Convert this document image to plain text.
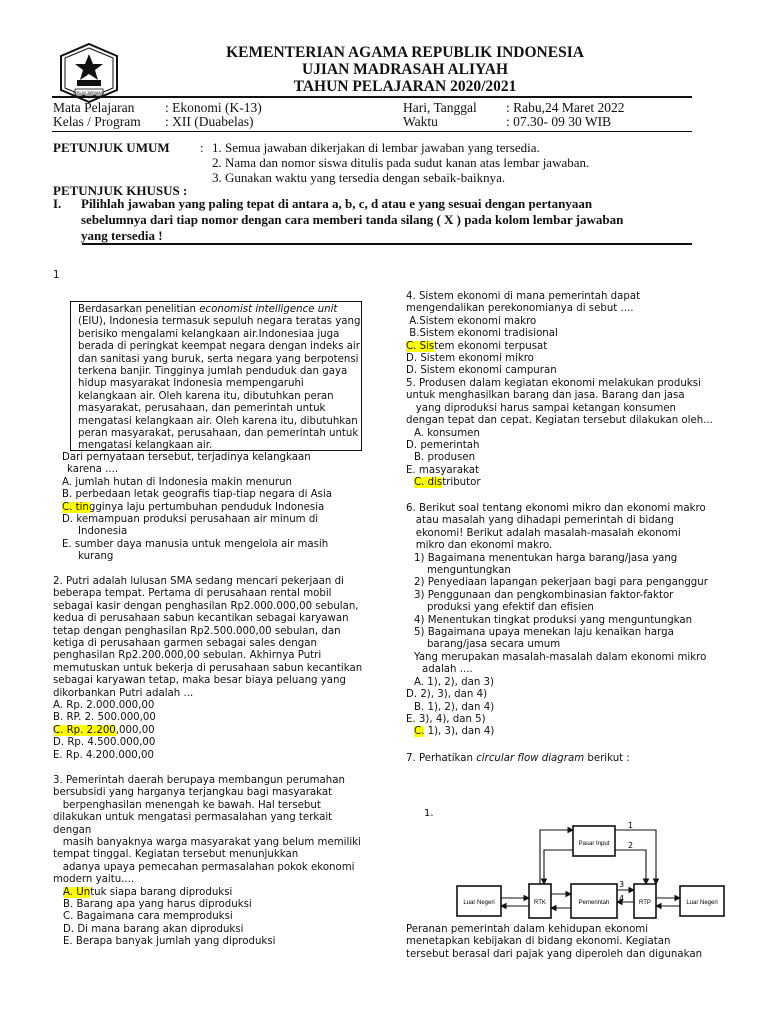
IKHLAS BERAMAL
KEMENTERIAN AGAMA REPUBLIK INDONESIA
UJIAN MADRASAH ALIYAH
TAHUN PELAJARAN 2020/2021
Mata Pelajaran : Ekonomi (K-13)
Kelas / Program : XII (Duabelas)
Hari, Tanggal : Rabu,24 Maret 2022
Waktu	: 07.30- 09 30 WIB
PETUNJUK UMUM : 1. Semua jawaban dikerjakan di lembar jawaban yang tersedia.
2. Nama dan nomor siswa ditulis pada sudut kanan atas lembar jawaban.
3. Gunakan waktu yang tersedia dengan sebaik-baiknya.
PETUNJUK KHUSUS :
I. Pilihlah jawaban yang paling tepat di antara a, b, c, d atau e yang sesuai dengan pertanyaan
sebelumnya dari tiap nomor dengan cara memberi tanda silang ( X ) pada kolom lembar jawaban
yang tersedia !
1
Berdasarkan penelitian economist intelligence unit
(EIU), Indonesia termasuk sepuluh negara teratas yang
berisiko mengalami kelangkaan air.Indonesiaa juga
berada di peringkat keempat negara dengan indeks air
dan sanitasi yang buruk, serta negara yang berpotensi
terkena banjir. Tingginya jumlah penduduk dan gaya
hidup masyarakat Indonesia mempengaruhi
kelangkaan air. Oleh karena itu, dibutuhkan peran
masyarakat, perusahaan, dan pemerintah untuk
mengatasi kelangkaan air. Oleh karena itu, dibutuhkan
peran masyarakat, perusahaan, dan pemerintah untuk
mengatasi kelangkaan air.
Dari pernyataan tersebut, terjadinya kelangkaan
karena ....
A. jumlah hutan di Indonesia makin menurun
B. perbedaan letak geografis tiap-tiap negara di Asia
C. tingginya laju pertumbuhan penduduk Indonesia
D. kemampuan produksi perusahaan air minum di
Indonesia
E. sumber daya manusia untuk mengelola air masih
kurang
2. Putri adalah lulusan SMA sedang mencari pekerjaan di
beberapa tempat. Pertama di perusahaan rental mobil
sebagai kasir dengan penghasilan Rp2.000.000,00 sebulan,
kedua di perusahaan sabun kecantikan sebagai karyawan
tetap dengan penghasilan Rp2.500.000,00 sebulan, dan
ketiga di perusahaan garmen sebagai sales dengan
penghasilan Rp2.200.000,00 sebulan. Akhirnya Putri
memutuskan untuk bekerja di perusahaan sabun kecantikan
sebagai karyawan tetap, maka besar biaya peluang yang
dikorbankan Putri adalah ...
A. Rp. 2.000.000,00
B. RP. 2. 500.000,00
C. Rp. 2.200,000,00
D. Rp. 4.500.000,00
E. Rp. 4.200.000,00
3. Pemerintah daerah berupaya membangun perumahan
bersubsidi yang harganya terjangkau bagi masyarakat
berpenghasilan menengah ke bawah. Hal tersebut
dilakukan untuk mengatasi permasalahan yang terkait
dengan
masih banyaknya warga masyarakat yang belum memiliki
tempat tinggal. Kegiatan tersebut menunjukkan
adanya upaya pemecahan permasalahan pokok ekonomi
modern yaitu....
A. Untuk siapa barang diproduksi
B. Barang apa yang harus diproduksi
C. Bagaimana cara memproduksi
D. Di mana barang akan diproduksi
E. Berapa banyak jumlah yang diproduksi
4. Sistem ekonomi di mana pemerintah dapat
mengendalikan perekonomianya di sebut ....
A.Sistem ekonomi makro
B.Sistem ekonomi tradisional
C. Sistem ekonomi terpusat
D. Sistem ekonomi mikro
D. Sistem ekonomi campuran
5. Produsen dalam kegiatan ekonomi melakukan produksi
untuk menghasilkan barang dan jasa. Barang dan jasa
yang diproduksi harus sampai ketangan konsumen
dengan tepat dan cepat. Kegiatan tersebut dilakukan oleh...
A. konsumen
D. pemerintah
B. produsen
E. masyarakat
C. distributor
6. Berikut soal tentang ekonomi mikro dan ekonomi makro
atau masalah yang dihadapi pemerintah di bidang
ekonomi! Berikut adalah masalah-masalah ekonomi
mikro dan ekonomi makro.
1) Bagaimana menentukan harga barang/jasa yang
menguntungkan
2) Penyediaan lapangan pekerjaan bagi para penganggur
3) Penggunaan dan pengkombinasian faktor-faktor
produksi yang efektif dan efisien
4) Menentukan tingkat produksi yang menguntungkan
5) Bagaimana upaya menekan laju kenaikan harga
barang/jasa secara umum
Yang merupakan masalah-masalah dalam ekonomi mikro
adalah ....
A. 1), 2), dan 3)
D. 2), 3), dan 4)
B. 1), 2), dan 4)
E. 3), 4), dan 5)
C. 1), 3), dan 4)
7. Perhatikan circular flow diagram berikut :
1.
Pasar Input
Luar Negeri	RTK	Pemerintah	RTP	Luar Negeri
1
2
3
4
Peranan pemerintah dalam kehidupan ekonomi
menetapkan kebijakan di bidang ekonomi. Kegiatan
tersebut berasal dari pajak yang diperoleh dan digunakan
